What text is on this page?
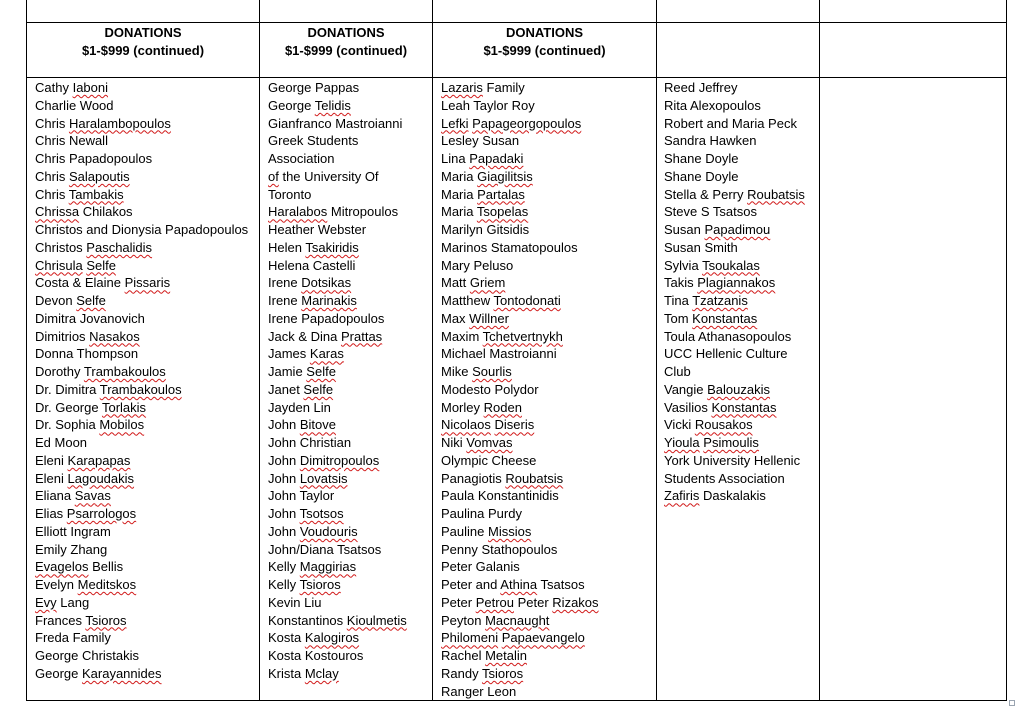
DONATIONS
$1-$999 (continued)
DONATIONS
$1-$999 (continued)
DONATIONS
$1-$999 (continued)
Cathy Iaboni
Charlie Wood
Chris Haralambopoulos
Chris Newall
Chris Papadopoulos
Chris Salapoutis
Chris Tambakis
Chrissa Chilakos
Christos and Dionysia Papadopoulos
Christos Paschalidis
Chrisula Selfe
Costa & Elaine Pissaris
Devon Selfe
Dimitra Jovanovich
Dimitrios Nasakos
Donna Thompson
Dorothy Trambakoulos
Dr. Dimitra Trambakoulos
Dr. George Torlakis
Dr. Sophia Mobilos
Ed Moon
Eleni Karapapas
Eleni Lagoudakis
Eliana Savas
Elias Psarrologos
Elliott Ingram
Emily Zhang
Evagelos Bellis
Evelyn Meditskos
Evy Lang
Frances Tsioros
Freda Family
George Christakis
George Karayannides
George Pappas
George Telidis
Gianfranco Mastroianni
Greek Students
Association
of the University Of
Toronto
Haralabos Mitropoulos
Heather Webster
Helen Tsakiridis
Helena Castelli
Irene Dotsikas
Irene Marinakis
Irene Papadopoulos
Jack & Dina Prattas
James Karas
Jamie Selfe
Janet Selfe
Jayden Lin
John Bitove
John Christian
John Dimitropoulos
John Lovatsis
John Taylor
John Tsotsos
John Voudouris
John/Diana Tsatsos
Kelly Maggirias
Kelly Tsioros
Kevin Liu
Konstantinos Kioulmetis
Kosta Kalogiros
Kosta Kostouros
Krista Mclay
Lazaris Family
Leah Taylor Roy
Lefki Papageorgopoulos
Lesley Susan
Lina Papadaki
Maria Giagilitsis
Maria Partalas
Maria Tsopelas
Marilyn Gitsidis
Marinos Stamatopoulos
Mary Peluso
Matt Griem
Matthew Tontodonati
Max Willner
Maxim Tchetvertnykh
Michael Mastroianni
Mike Sourlis
Modesto Polydor
Morley Roden
Nicolaos Diseris
Niki Vomvas
Olympic Cheese
Panagiotis Roubatsis
Paula Konstantinidis
Paulina Purdy
Pauline Missios
Penny Stathopoulos
Peter Galanis
Peter and Athina Tsatsos
Peter Petrou Peter Rizakos
Peyton Macnaught
Philomeni Papaevangelo
Rachel Metalin
Randy Tsioros
Ranger Leon
Reed Jeffrey
Rita Alexopoulos
Robert and Maria Peck
Sandra Hawken
Shane Doyle
Shane Doyle
Stella & Perry Roubatsis
Steve S Tsatsos
Susan Papadimou
Susan Smith
Sylvia Tsoukalas
Takis Plagiannakos
Tina Tzatzanis
Tom Konstantas
Toula Athanasopoulos
UCC Hellenic Culture
Club
Vangie Balouzakis
Vasilios Konstantas
Vicki Rousakos
Yioula Psimoulis
York University Hellenic
Students Association
Zafiris Daskalakis
